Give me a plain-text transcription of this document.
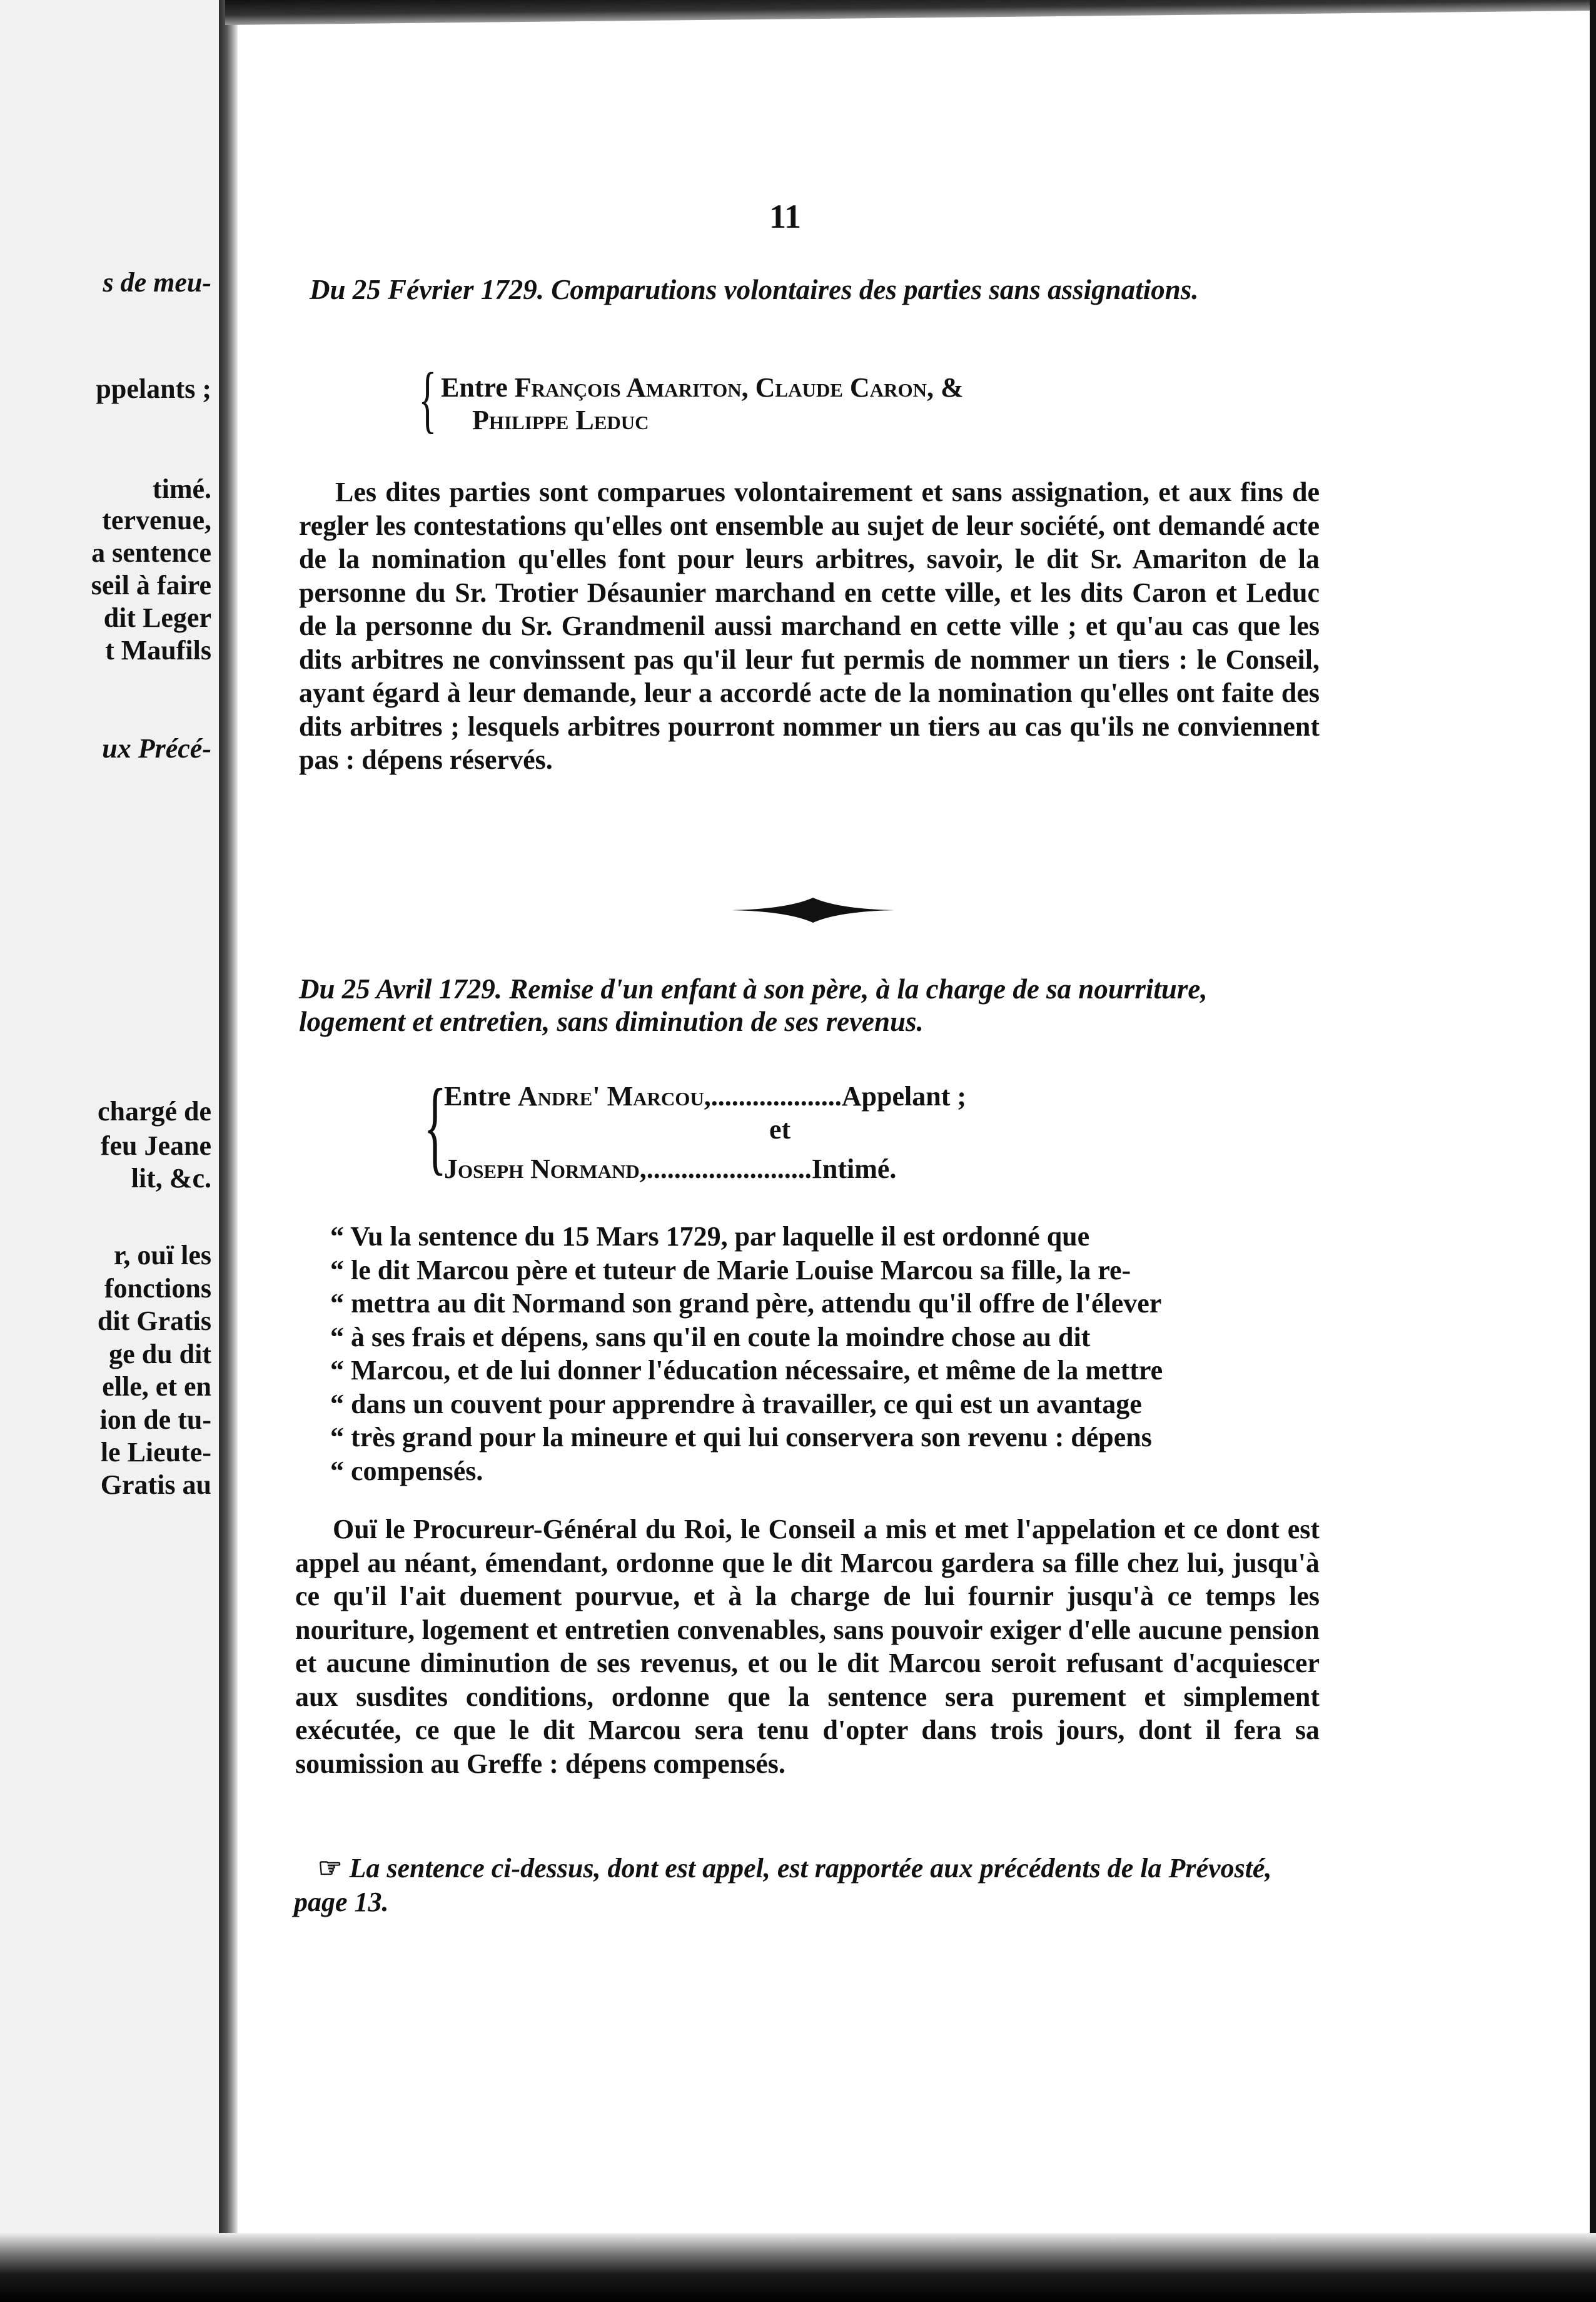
s de meu-
ppelants ;
timé.
tervenue,
a sentence
seil à faire
dit Leger
t Maufils
ux Précé-
chargé de
feu Jeane
lit, &c.
r, ouï les
fonctions
dit Gratis
ge du dit
elle, et en
ion de tu-
le Lieute-
Gratis au
11
Du 25 Février 1729. Comparutions volontaires des parties sans assignations.
{ Entre François Amariton, Claude Caron, &
Philippe Leduc
Les dites parties sont comparues volontairement et sans assignation, et aux fins de regler les contestations qu'elles ont ensemble au sujet de leur société, ont demandé acte de la nomination qu'elles font pour leurs arbitres, savoir, le dit Sr. Amariton de la personne du Sr. Trotier Désaunier marchand en cette ville, et les dits Caron et Leduc de la personne du Sr. Grandmenil aussi marchand en cette ville ; et qu'au cas que les dits arbitres ne convinssent pas qu'il leur fut permis de nommer un tiers : le Conseil, ayant égard à leur demande, leur a accordé acte de la nomination qu'elles ont faite des dits arbitres ; lesquels arbitres pourront nommer un tiers au cas qu'ils ne conviennent pas : dépens réservés.
Du 25 Avril 1729. Remise d'un enfant à son père, à la charge de sa nourriture, logement et entretien, sans diminution de ses revenus.
{
Entre Andre' Marcou,...................Appelant ;
et
Joseph Normand,........................Intimé.
“ Vu la sentence du 15 Mars 1729, par laquelle il est ordonné que
“ le dit Marcou père et tuteur de Marie Louise Marcou sa fille, la re-
“ mettra au dit Normand son grand père, attendu qu'il offre de l'élever
“ à ses frais et dépens, sans qu'il en coute la moindre chose au dit
“ Marcou, et de lui donner l'éducation nécessaire, et même de la mettre
“ dans un couvent pour apprendre à travailler, ce qui est un avantage
“ très grand pour la mineure et qui lui conservera son revenu : dépens
“ compensés.
Ouï le Procureur-Général du Roi, le Conseil a mis et met l'appelation et ce dont est appel au néant, émendant, ordonne que le dit Marcou gardera sa fille chez lui, jusqu'à ce qu'il l'ait duement pourvue, et à la charge de lui fournir jusqu'à ce temps les nouriture, logement et entretien convenables, sans pouvoir exiger d'elle aucune pension et aucune diminution de ses revenus, et ou le dit Marcou seroit refusant d'acquiescer aux susdites conditions, ordonne que la sentence sera purement et simplement exécutée, ce que le dit Marcou sera tenu d'opter dans trois jours, dont il fera sa soumission au Greffe : dépens compensés.
☞ La sentence ci-dessus, dont est appel, est rapportée aux précédents de la Prévosté, page 13.
